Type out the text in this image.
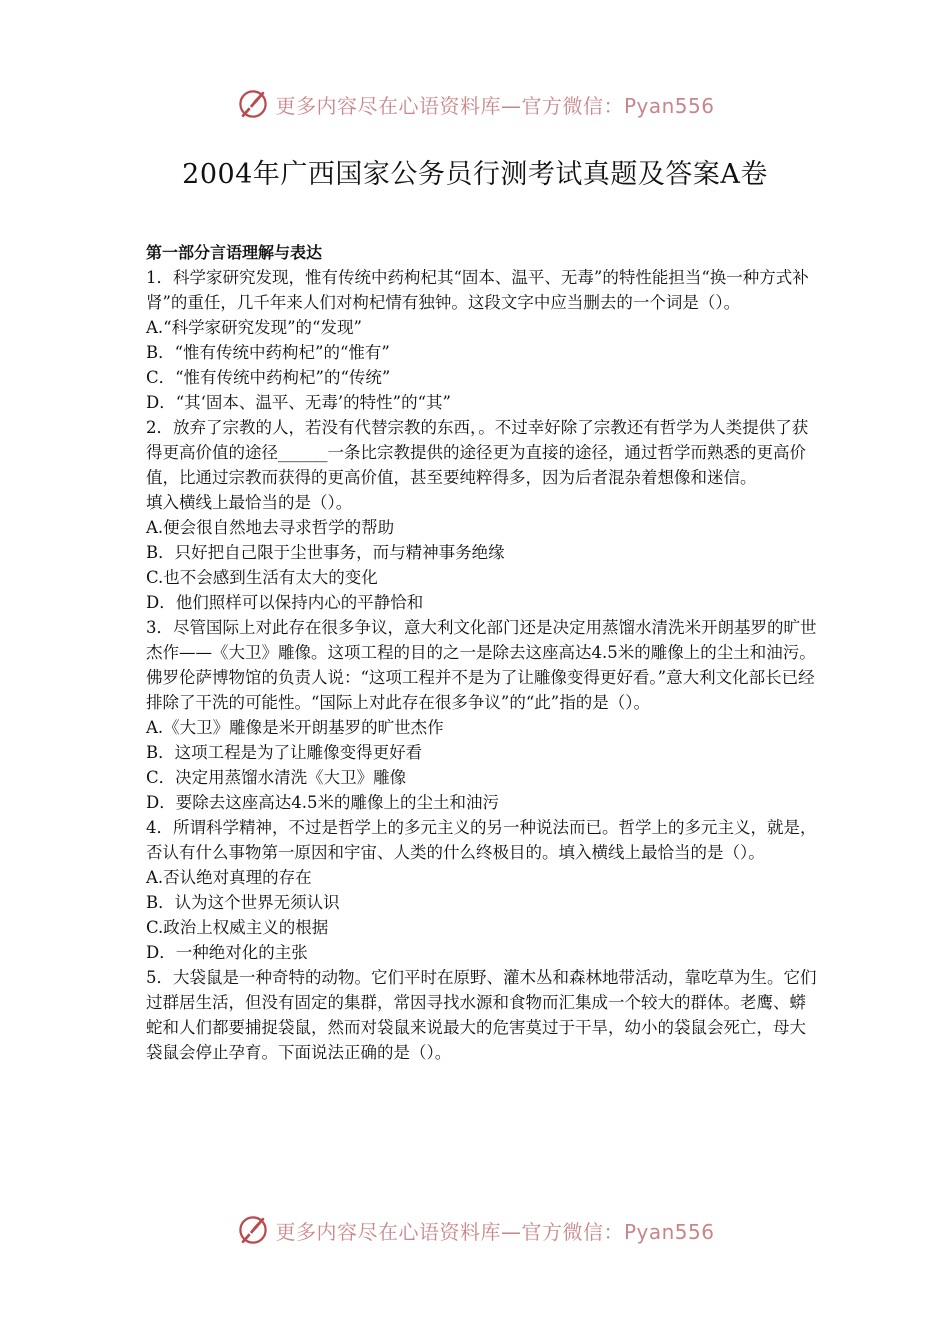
更多内容尽在心语资料库—官方微信：Pyan556
2004年广西国家公务员行测考试真题及答案A卷

第一部分言语理解与表达

1．科学家研究发现，惟有传统中药枸杞其“固本、温平、无毒”的特性能担当“换一种方式补肾”的重任，几千年来人们对枸杞情有独钟。这段文字中应当删去的一个词是（）。

A.“科学家研究发现”的“发现”

B．“惟有传统中药枸杞”的“惟有”

C．“惟有传统中药枸杞”的“传统”

D．“其‘固本、温平、无毒’的特性”的“其”

2．放弃了宗教的人，若没有代替宗教的东西，。不过幸好除了宗教还有哲学为人类提供了获得更高价值的途径______一条比宗教提供的途径更为直接的途径，通过哲学而熟悉的更高价值，比通过宗教而获得的更高价值，甚至要纯粹得多，因为后者混杂着想像和迷信。

填入横线上最恰当的是（）。

A.便会很自然地去寻求哲学的帮助

B．只好把自己限于尘世事务，而与精神事务绝缘

C.也不会感到生活有太大的变化

D．他们照样可以保持内心的平静恰和

3．尽管国际上对此存在很多争议，意大利文化部门还是决定用蒸馏水清洗米开朗基罗的旷世杰作——《大卫》雕像。这项工程的目的之一是除去这座高达4.5米的雕像上的尘土和油污。佛罗伦萨博物馆的负责人说：“这项工程并不是为了让雕像变得更好看。”意大利文化部长已经排除了干洗的可能性。“国际上对此存在很多争议”的“此”指的是（）。

A.《大卫》雕像是米开朗基罗的旷世杰作

B．这项工程是为了让雕像变得更好看

C．决定用蒸馏水清洗《大卫》雕像

D．要除去这座高达4.5米的雕像上的尘土和油污

4．所谓科学精神，不过是哲学上的多元主义的另一种说法而已。哲学上的多元主义，就是，否认有什么事物第一原因和宇宙、人类的什么终极目的。填入横线上最恰当的是（）。

A.否认绝对真理的存在

B．认为这个世界无须认识

C.政治上权威主义的根据

D．一种绝对化的主张

5．大袋鼠是一种奇特的动物。它们平时在原野、灌木丛和森林地带活动，靠吃草为生。它们过群居生活，但没有固定的集群，常因寻找水源和食物而汇集成一个较大的群体。老鹰、蟒蛇和人们都要捕捉袋鼠，然而对袋鼠来说最大的危害莫过于干旱，幼小的袋鼠会死亡，母大袋鼠会停止孕育。下面说法正确的是（）。

更多内容尽在心语资料库—官方微信：Pyan556
